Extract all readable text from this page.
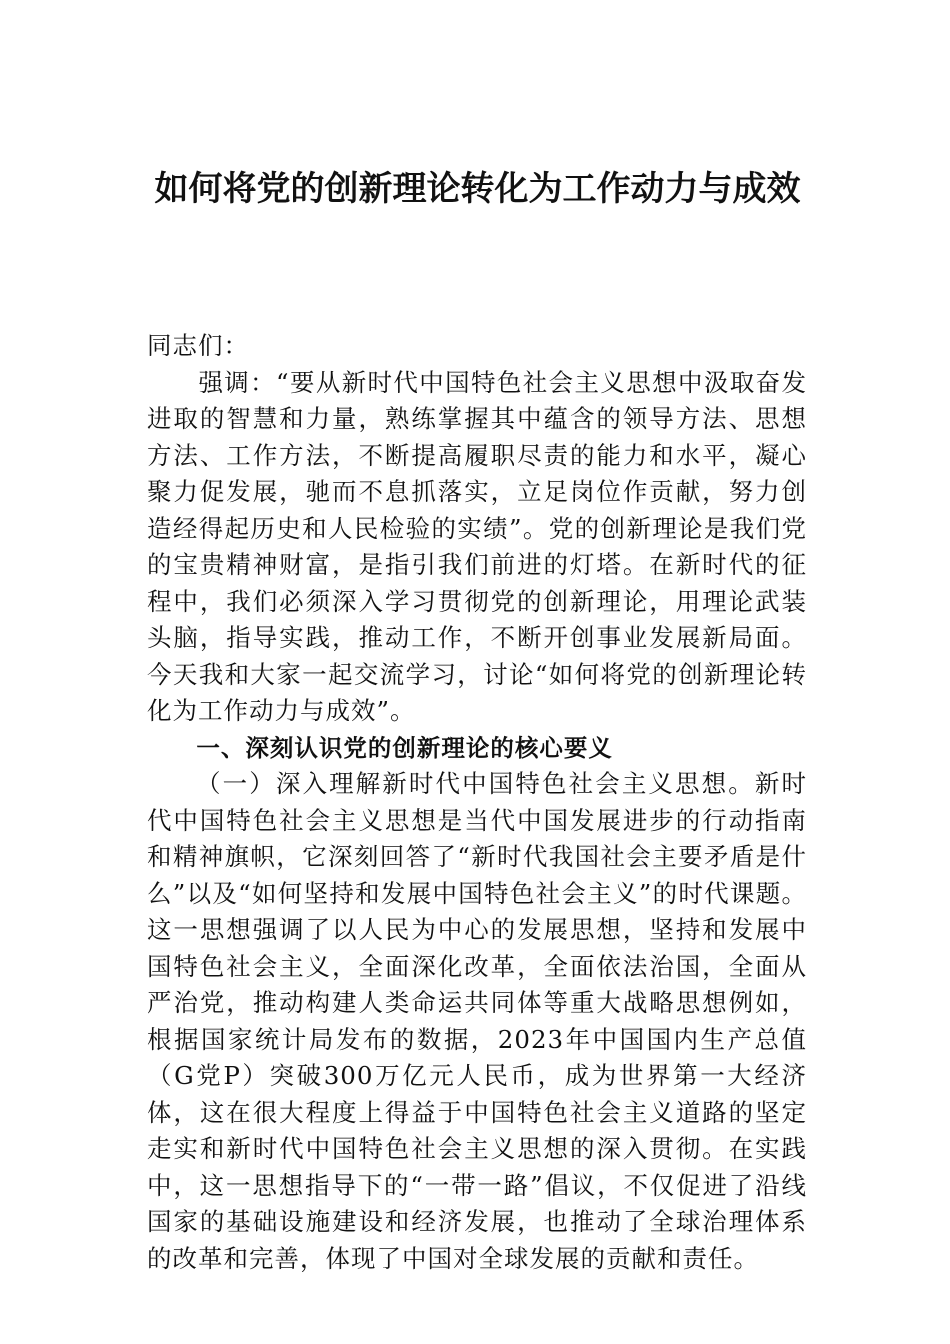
如何将党的创新理论转化为工作动力与成效

同志们：

强调：“要从新时代中国特色社会主义思想中汲取奋发进取的智慧和力量，熟练掌握其中蕴含的领导方法、思想方法、工作方法，不断提高履职尽责的能力和水平，凝心聚力促发展，驰而不息抓落实，立足岗位作贡献，努力创造经得起历史和人民检验的实绩”。党的创新理论是我们党的宝贵精神财富，是指引我们前进的灯塔。在新时代的征程中，我们必须深入学习贯彻党的创新理论，用理论武装头脑，指导实践，推动工作，不断开创事业发展新局面。今天我和大家一起交流学习，讨论“如何将党的创新理论转化为工作动力与成效”。

一、深刻认识党的创新理论的核心要义

（一）深入理解新时代中国特色社会主义思想。新时代中国特色社会主义思想是当代中国发展进步的行动指南和精神旗帜，它深刻回答了“新时代我国社会主要矛盾是什么”以及“如何坚持和发展中国特色社会主义”的时代课题。这一思想强调了以人民为中心的发展思想，坚持和发展中国特色社会主义，全面深化改革，全面依法治国，全面从严治党，推动构建人类命运共同体等重大战略思想例如，根据国家统计局发布的数据，2023年中国国内生产总值（G党P）突破300万亿元人民币，成为世界第一大经济体，这在很大程度上得益于中国特色社会主义道路的坚定走实和新时代中国特色社会主义思想的深入贯彻。在实践中，这一思想指导下的“一带一路”倡议，不仅促进了沿线国家的基础设施建设和经济发展，也推动了全球治理体系的改革和完善，体现了中国对全球发展的贡献和责任。
